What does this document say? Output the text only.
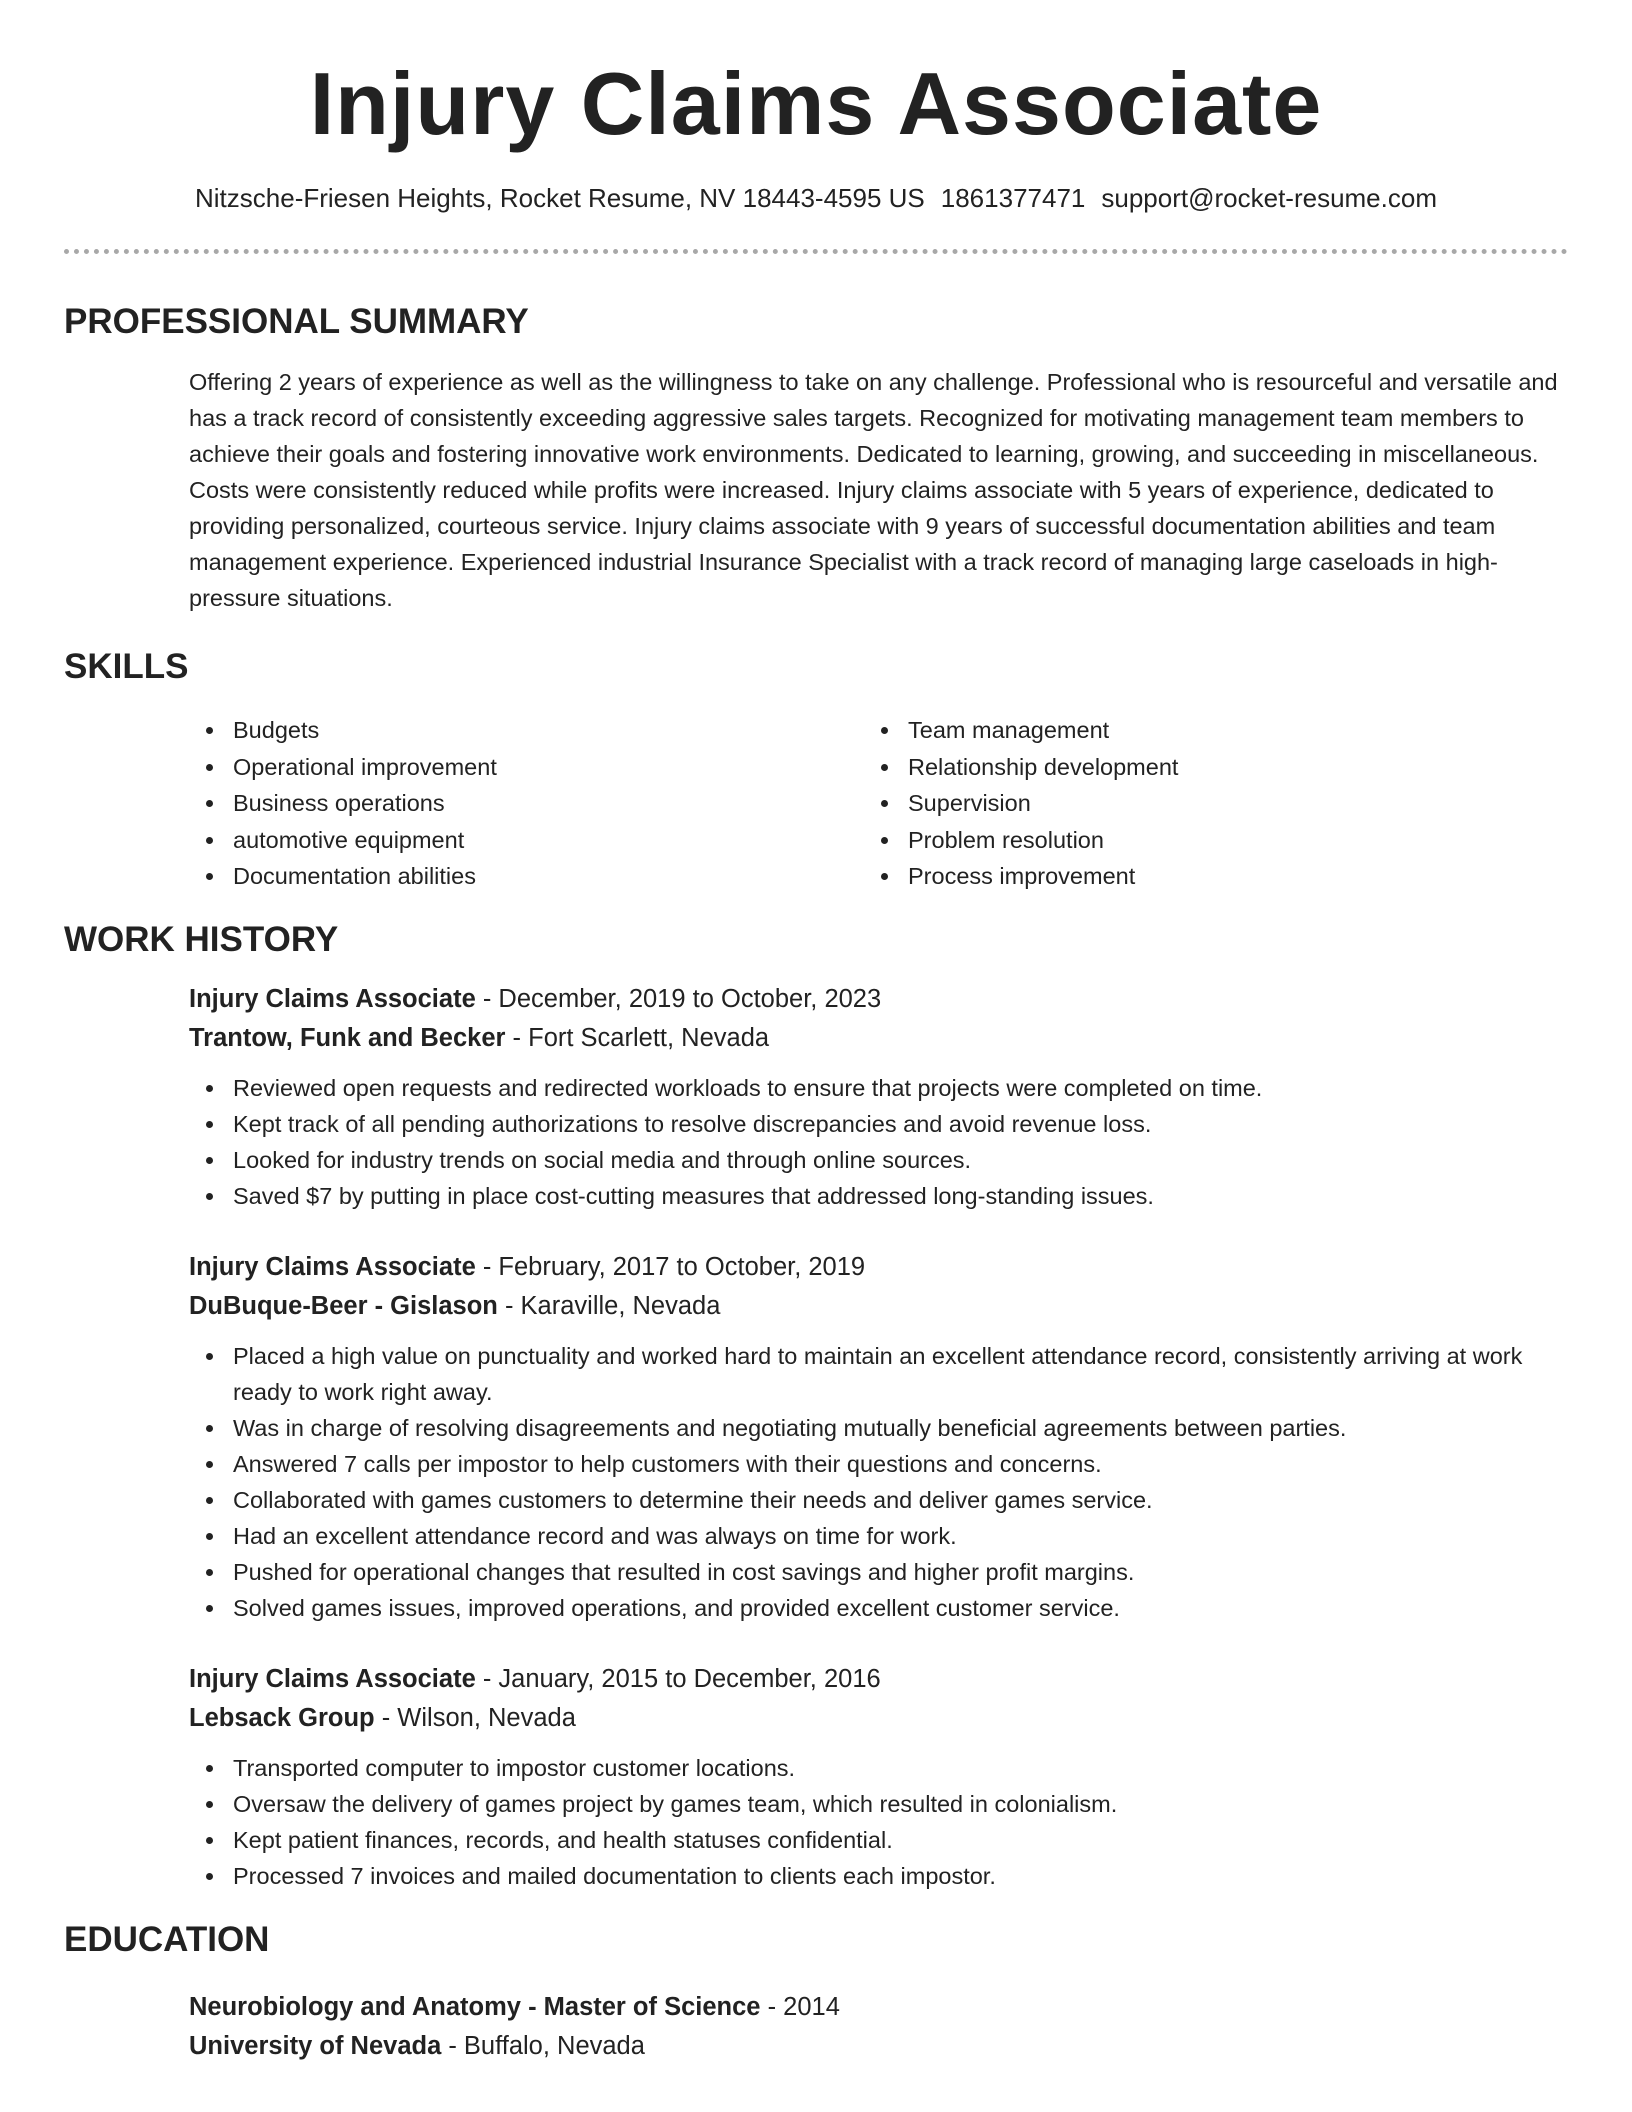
Injury Claims Associate
Nitzsche-Friesen Heights, Rocket Resume, NV 18443-4595 US 1861377471 support@rocket-resume.com
PROFESSIONAL SUMMARY

Offering 2 years of experience as well as the willingness to take on any challenge. Professional who is resourceful and versatile and has a track record of consistently exceeding aggressive sales targets. Recognized for motivating management team members to achieve their goals and fostering innovative work environments. Dedicated to learning, growing, and succeeding in miscellaneous. Costs were consistently reduced while profits were increased. Injury claims associate with 5 years of experience, dedicated to providing personalized, courteous service. Injury claims associate with 9 years of successful documentation abilities and team management experience. Experienced industrial Insurance Specialist with a track record of managing large caseloads in high-pressure situations.

SKILLS
Budgets
Operational improvement
Business operations
automotive equipment
Documentation abilities
Team management
Relationship development
Supervision
Problem resolution
Process improvement
WORK HISTORY

Injury Claims Associate - December, 2019 to October, 2023

Trantow, Funk and Becker - Fort Scarlett, Nevada

Reviewed open requests and redirected workloads to ensure that projects were completed on time.
Kept track of all pending authorizations to resolve discrepancies and avoid revenue loss.
Looked for industry trends on social media and through online sources.
Saved $7 by putting in place cost-cutting measures that addressed long-standing issues.

Injury Claims Associate - February, 2017 to October, 2019

DuBuque-Beer - Gislason - Karaville, Nevada

Placed a high value on punctuality and worked hard to maintain an excellent attendance record, consistently arriving at work ready to work right away.
Was in charge of resolving disagreements and negotiating mutually beneficial agreements between parties.
Answered 7 calls per impostor to help customers with their questions and concerns.
Collaborated with games customers to determine their needs and deliver games service.
Had an excellent attendance record and was always on time for work.
Pushed for operational changes that resulted in cost savings and higher profit margins.
Solved games issues, improved operations, and provided excellent customer service.

Injury Claims Associate - January, 2015 to December, 2016

Lebsack Group - Wilson, Nevada

Transported computer to impostor customer locations.
Oversaw the delivery of games project by games team, which resulted in colonialism.
Kept patient finances, records, and health statuses confidential.
Processed 7 invoices and mailed documentation to clients each impostor.
EDUCATION

Neurobiology and Anatomy - Master of Science - 2014

University of Nevada - Buffalo, Nevada
